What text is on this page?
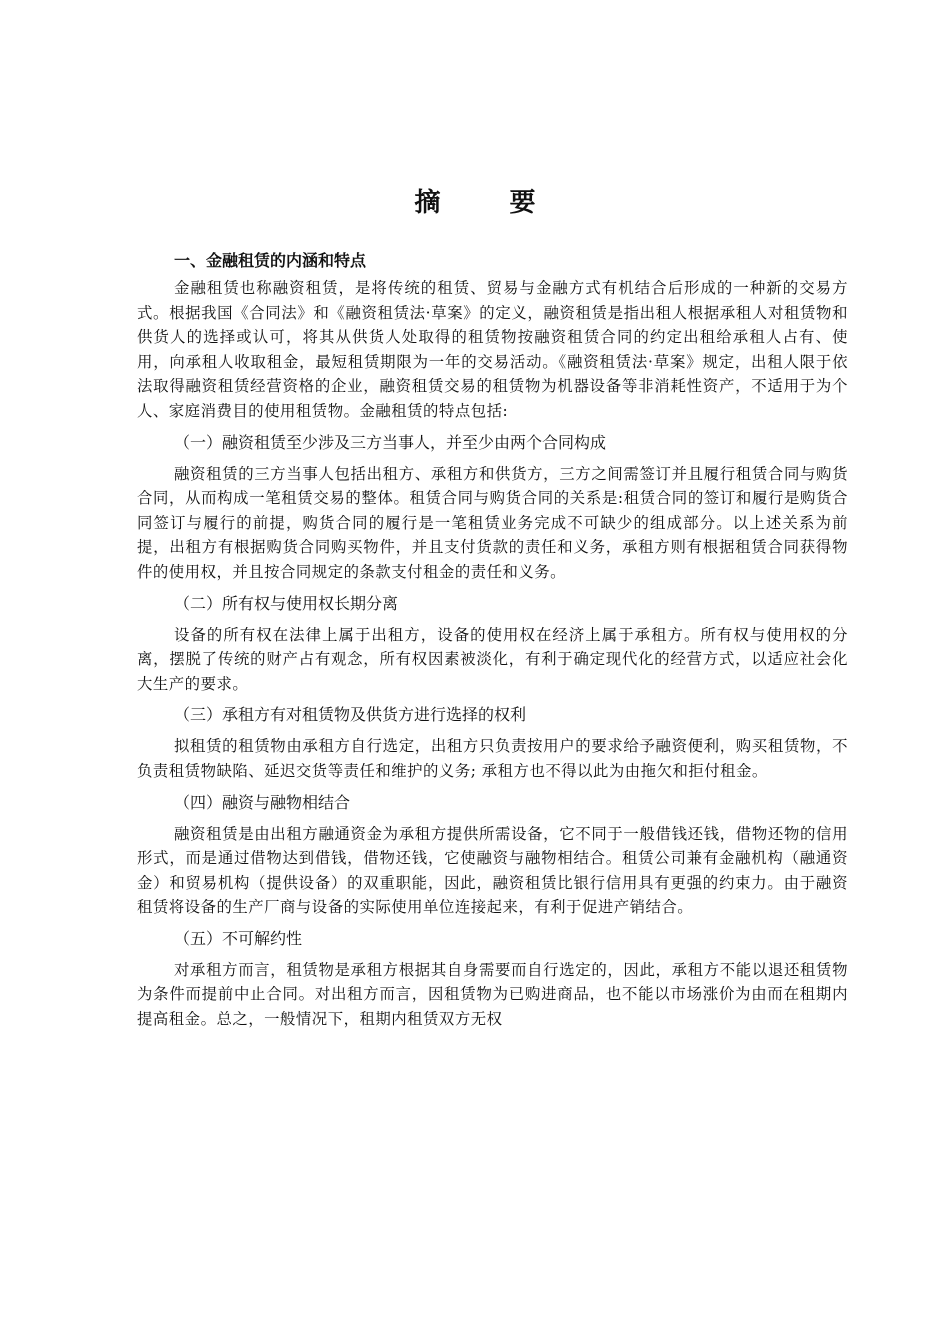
摘 要
一、金融租赁的内涵和特点

金融租赁也称融资租赁，是将传统的租赁、贸易与金融方式有机结合后形成的一种新的交易方式。根据我国《合同法》和《融资租赁法·草案》的定义，融资租赁是指出租人根据承租人对租赁物和供货人的选择或认可，将其从供货人处取得的租赁物按融资租赁合同的约定出租给承租人占有、使用，向承租人收取租金，最短租赁期限为一年的交易活动。《融资租赁法·草案》规定，出租人限于依法取得融资租赁经营资格的企业，融资租赁交易的租赁物为机器设备等非消耗性资产，不适用于为个人、家庭消费目的使用租赁物。金融租赁的特点包括:

（一）融资租赁至少涉及三方当事人，并至少由两个合同构成

融资租赁的三方当事人包括出租方、承租方和供货方，三方之间需签订并且履行租赁合同与购货合同，从而构成一笔租赁交易的整体。租赁合同与购货合同的关系是:租赁合同的签订和履行是购货合同签订与履行的前提，购货合同的履行是一笔租赁业务完成不可缺少的组成部分。以上述关系为前提，出租方有根据购货合同购买物件，并且支付货款的责任和义务，承租方则有根据租赁合同获得物件的使用权，并且按合同规定的条款支付租金的责任和义务。

（二）所有权与使用权长期分离

设备的所有权在法律上属于出租方，设备的使用权在经济上属于承租方。所有权与使用权的分离，摆脱了传统的财产占有观念，所有权因素被淡化，有利于确定现代化的经营方式，以适应社会化大生产的要求。

（三）承租方有对租赁物及供货方进行选择的权利

拟租赁的租赁物由承租方自行选定，出租方只负责按用户的要求给予融资便利，购买租赁物，不负责租赁物缺陷、延迟交货等责任和维护的义务; 承租方也不得以此为由拖欠和拒付租金。

（四）融资与融物相结合

融资租赁是由出租方融通资金为承租方提供所需设备，它不同于一般借钱还钱，借物还物的信用形式，而是通过借物达到借钱，借物还钱，它使融资与融物相结合。租赁公司兼有金融机构（融通资金）和贸易机构（提供设备）的双重职能，因此，融资租赁比银行信用具有更强的约束力。由于融资租赁将设备的生产厂商与设备的实际使用单位连接起来，有利于促进产销结合。

（五）不可解约性

对承租方而言，租赁物是承租方根据其自身需要而自行选定的，因此，承租方不能以退还租赁物为条件而提前中止合同。对出租方而言，因租赁物为已购进商品，也不能以市场涨价为由而在租期内提高租金。总之，一般情况下，租期内租赁双方无权
